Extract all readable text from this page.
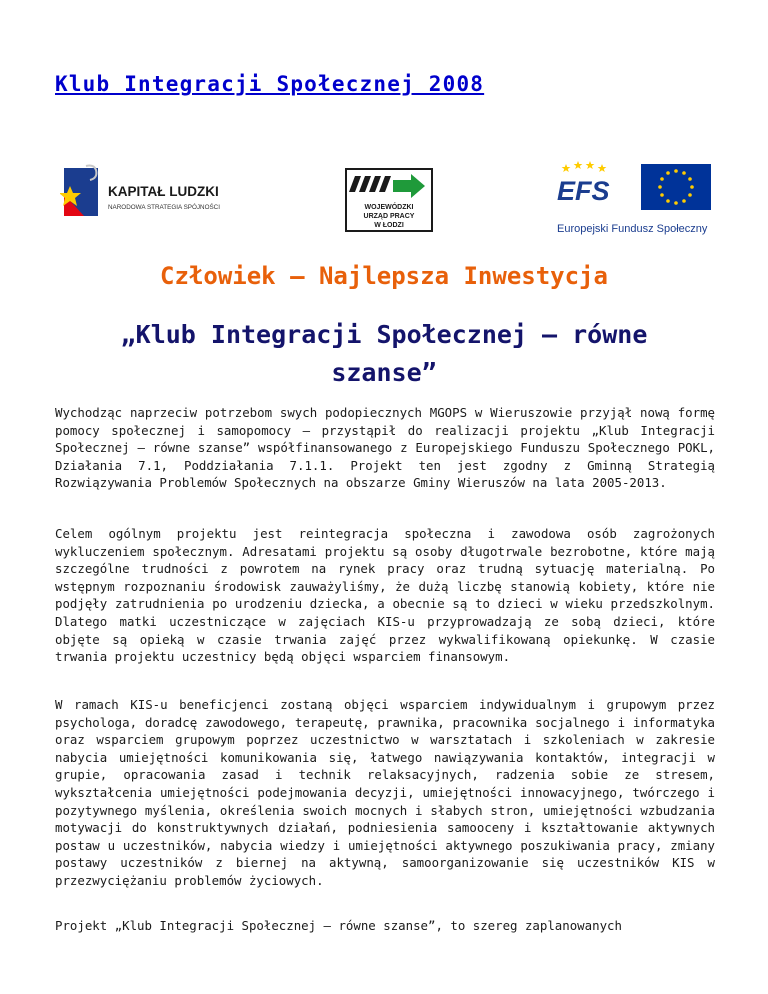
Klub Integracji Społecznej 2008
KAPITAŁ LUDZKI
NARODOWA STRATEGIA SPÓJNOŚCI	WOJEWÓDZKI
URZĄD PRACY
W ŁODZI
EFS
Europejski Fundusz Społeczny
Człowiek – Najlepsza Inwestycja
„Klub Integracji Społecznej – równe
szanse”

Wychodząc naprzeciw potrzebom swych podopiecznych MGOPS w Wieruszowie przyjął nową formę pomocy społecznej i samopomocy – przystąpił do realizacji projektu „Klub Integracji Społecznej – równe szanse” współfinansowanego z Europejskiego Funduszu Społecznego POKL, Działania 7.1, Poddziałania 7.1.1. Projekt ten jest zgodny z Gminną Strategią Rozwiązywania Problemów Społecznych na obszarze Gminy Wieruszów na lata 2005-2013.

Celem ogólnym projektu jest reintegracja społeczna i zawodowa osób zagrożonych wykluczeniem społecznym. Adresatami projektu są osoby długotrwale bezrobotne, które mają szczególne trudności z powrotem na rynek pracy oraz trudną sytuację materialną. Po wstępnym rozpoznaniu środowisk zauważyliśmy, że dużą liczbę stanowią kobiety, które nie podjęły zatrudnienia po urodzeniu dziecka, a obecnie są to dzieci w wieku przedszkolnym. Dlatego matki uczestniczące w zajęciach KIS-u przyprowadzają ze sobą dzieci, które objęte są opieką w czasie trwania zajęć przez wykwalifikowaną opiekunkę. W czasie trwania projektu uczestnicy będą objęci wsparciem finansowym.

W ramach KIS-u beneficjenci zostaną objęci wsparciem indywidualnym i grupowym przez psychologa, doradcę zawodowego, terapeutę, prawnika, pracownika socjalnego i informatyka oraz wsparciem grupowym poprzez uczestnictwo w warsztatach i szkoleniach w zakresie nabycia umiejętności komunikowania się, łatwego nawiązywania kontaktów, integracji w grupie, opracowania zasad i technik relaksacyjnych, radzenia sobie ze stresem, wykształcenia umiejętności podejmowania decyzji, umiejętności innowacyjnego, twórczego i pozytywnego myślenia, określenia swoich mocnych i słabych stron, umiejętności wzbudzania motywacji do konstruktywnych działań, podniesienia samooceny i kształtowanie aktywnych postaw u uczestników, nabycia wiedzy i umiejętności aktywnego poszukiwania pracy, zmiany postawy uczestników z biernej na aktywną, samoorganizowanie się uczestników KIS w przezwyciężaniu problemów życiowych.

Projekt „Klub Integracji Społecznej – równe szanse”, to szereg zaplanowanych
